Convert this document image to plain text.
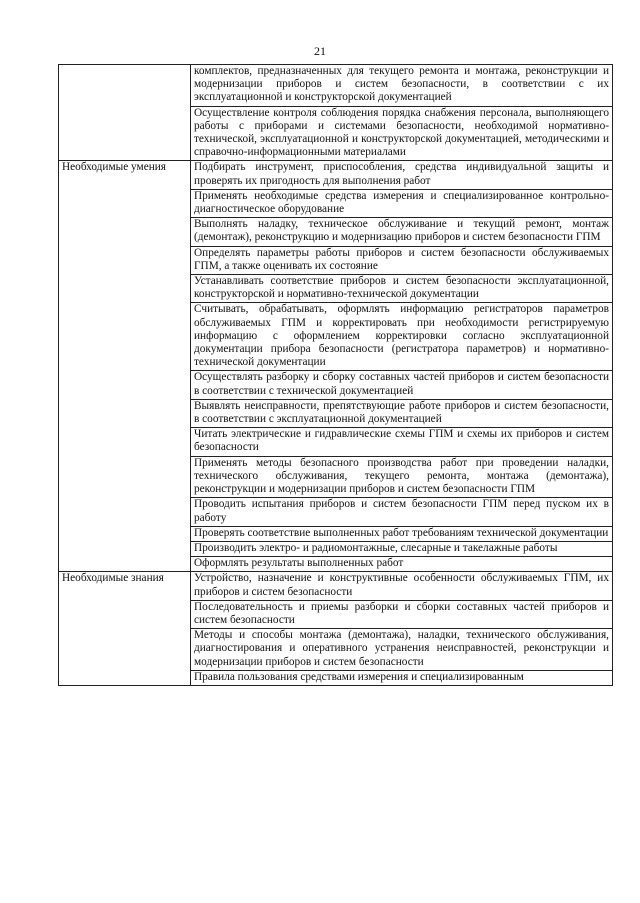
21
	комплектов, предназначенных для текущего ремонта и монтажа, реконструкции и модернизации приборов и систем безопасности, в соответствии с их эксплуатационной и конструкторской документацией
	Осуществление контроля соблюдения порядка снабжения персонала, выполняющего работы с приборами и системами безопасности, необходимой нормативно-технической, эксплуатационной и конструкторской документацией, методическими и справочно-информационными материалами
Необходимые умения	Подбирать инструмент, приспособления, средства индивидуальной защиты и проверять их пригодность для выполнения работ
	Применять необходимые средства измерения и специализированное контрольно-диагностическое оборудование
	Выполнять наладку, техническое обслуживание и текущий ремонт, монтаж (демонтаж), реконструкцию и модернизацию приборов и систем безопасности ГПМ
	Определять параметры работы приборов и систем безопасности обслуживаемых ГПМ, а также оценивать их состояние
	Устанавливать соответствие приборов и систем безопасности эксплуатационной, конструкторской и нормативно-технической документации
	Считывать, обрабатывать, оформлять информацию регистраторов параметров обслуживаемых ГПМ и корректировать при необходимости регистрируемую информацию с оформлением корректировки согласно эксплуатационной документации прибора безопасности (регистратора параметров) и нормативно-технической документации
	Осуществлять разборку и сборку составных частей приборов и систем безопасности в соответствии с технической документацией
	Выявлять неисправности, препятствующие работе приборов и систем безопасности, в соответствии с эксплуатационной документацией
	Читать электрические и гидравлические схемы ГПМ и схемы их приборов и систем безопасности
	Применять методы безопасного производства работ при проведении наладки, технического обслуживания, текущего ремонта, монтажа (демонтажа), реконструкции и модернизации приборов и систем безопасности ГПМ
	Проводить испытания приборов и систем безопасности ГПМ перед пуском их в работу
	Проверять соответствие выполненных работ требованиям технической документации
	Производить электро- и радиомонтажные, слесарные и такелажные работы
	Оформлять результаты выполненных работ
Необходимые знания	Устройство, назначение и конструктивные особенности обслуживаемых ГПМ, их приборов и систем безопасности
	Последовательность и приемы разборки и сборки составных частей приборов и систем безопасности
	Методы и способы монтажа (демонтажа), наладки, технического обслуживания, диагностирования и оперативного устранения неисправностей, реконструкции и модернизации приборов и систем безопасности
	Правила пользования средствами измерения и специализированным
